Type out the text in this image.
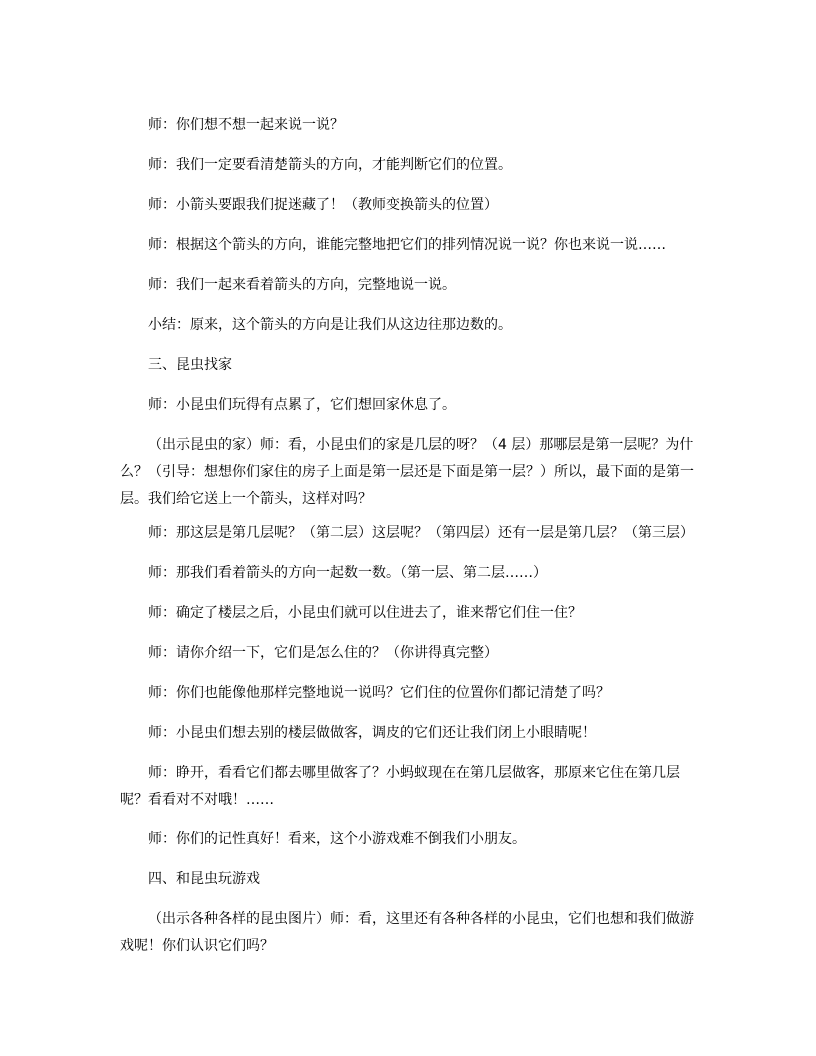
师：你们想不想一起来说一说？

师：我们一定要看清楚箭头的方向，才能判断它们的位置。

师：小箭头要跟我们捉迷藏了！（教师变换箭头的位置）

师：根据这个箭头的方向，谁能完整地把它们的排列情况说一说？你也来说一说……

师：我们一起来看着箭头的方向，完整地说一说。

小结：原来，这个箭头的方向是让我们从这边往那边数的。

三、昆虫找家

师：小昆虫们玩得有点累了，它们想回家休息了。

（出示昆虫的家）师：看，小昆虫们的家是几层的呀？（4 层）那哪层是第一层呢？为什么？（引导：想想你们家住的房子上面是第一层还是下面是第一层？）所以，最下面的是第一层。我们给它送上一个箭头，这样对吗？

师：那这层是第几层呢？（第二层）这层呢？（第四层）还有一层是第几层？（第三层）

师：那我们看着箭头的方向一起数一数。（第一层、第二层……）

师：确定了楼层之后，小昆虫们就可以住进去了，谁来帮它们住一住？

师：请你介绍一下，它们是怎么住的？（你讲得真完整）

师：你们也能像他那样完整地说一说吗？它们住的位置你们都记清楚了吗？

师：小昆虫们想去别的楼层做做客，调皮的它们还让我们闭上小眼睛呢！

师：睁开，看看它们都去哪里做客了？小蚂蚁现在在第几层做客，那原来它住在第几层呢？看看对不对哦！……

师：你们的记性真好！看来，这个小游戏难不倒我们小朋友。

四、和昆虫玩游戏

（出示各种各样的昆虫图片）师：看，这里还有各种各样的小昆虫，它们也想和我们做游戏呢！你们认识它们吗？
